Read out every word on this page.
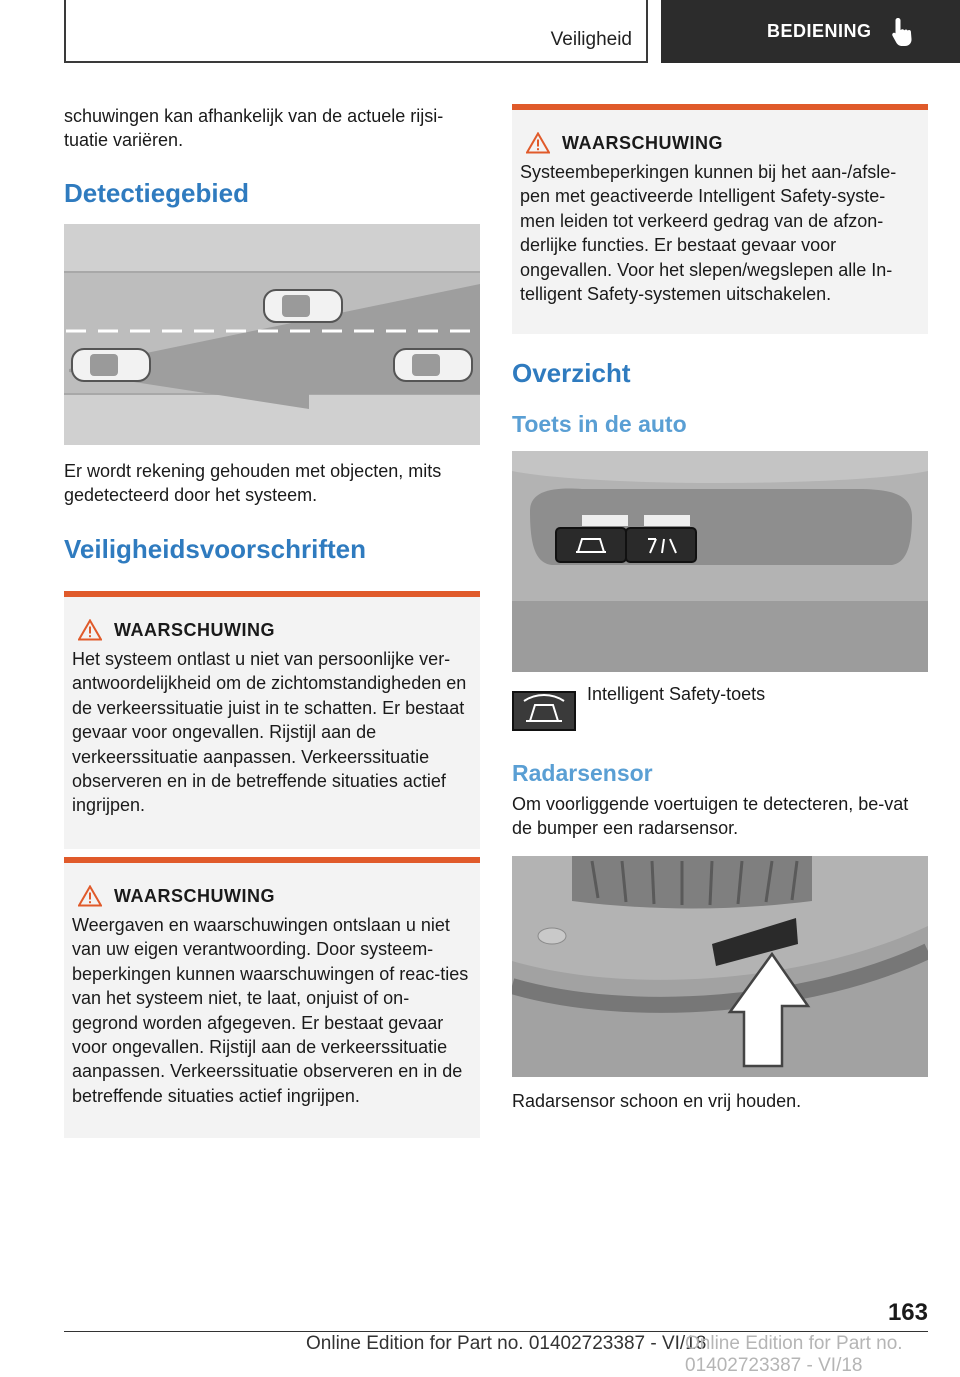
Veiligheid	BEDIENING

schuwingen kan afhankelijk van de actuele rijsi-tuatie variëren.

Detectiegebied

Er wordt rekening gehouden met objecten, mits gedetecteerd door het systeem.

Veiligheidsvoorschriften
WAARSCHUWING
Het systeem ontlast u niet van persoonlijke ver-antwoordelijkheid om de zichtomstandigheden en de verkeerssituatie juist in te schatten. Er bestaat gevaar voor ongevallen. Rijstijl aan de verkeerssituatie aanpassen. Verkeerssituatie observeren en in de betreffende situaties actief ingrijpen.
WAARSCHUWING
Weergaven en waarschuwingen ontslaan u niet van uw eigen verantwoording. Door systeem-beperkingen kunnen waarschuwingen of reac-ties van het systeem niet, te laat, onjuist of on-gegrond worden afgegeven. Er bestaat gevaar voor ongevallen. Rijstijl aan de verkeerssituatie aanpassen. Verkeerssituatie observeren en in de betreffende situaties actief ingrijpen.
WAARSCHUWING
Systeembeperkingen kunnen bij het aan-/afsle-pen met geactiveerde Intelligent Safety-syste-men leiden tot verkeerd gedrag van de afzon-derlijke functies. Er bestaat gevaar voor ongevallen. Voor het slepen/wegslepen alle In-telligent Safety-systemen uitschakelen.
Overzicht
Toets in de auto
Intelligent Safety-toets
Radarsensor

Om voorliggende voertuigen te detecteren, be-vat de bumper een radarsensor.

Radarsensor schoon en vrij houden.

163
Online Edition for Part no. 01402723387 - VI/18
Online Edition for Part no. 01402723387 - VI/18
